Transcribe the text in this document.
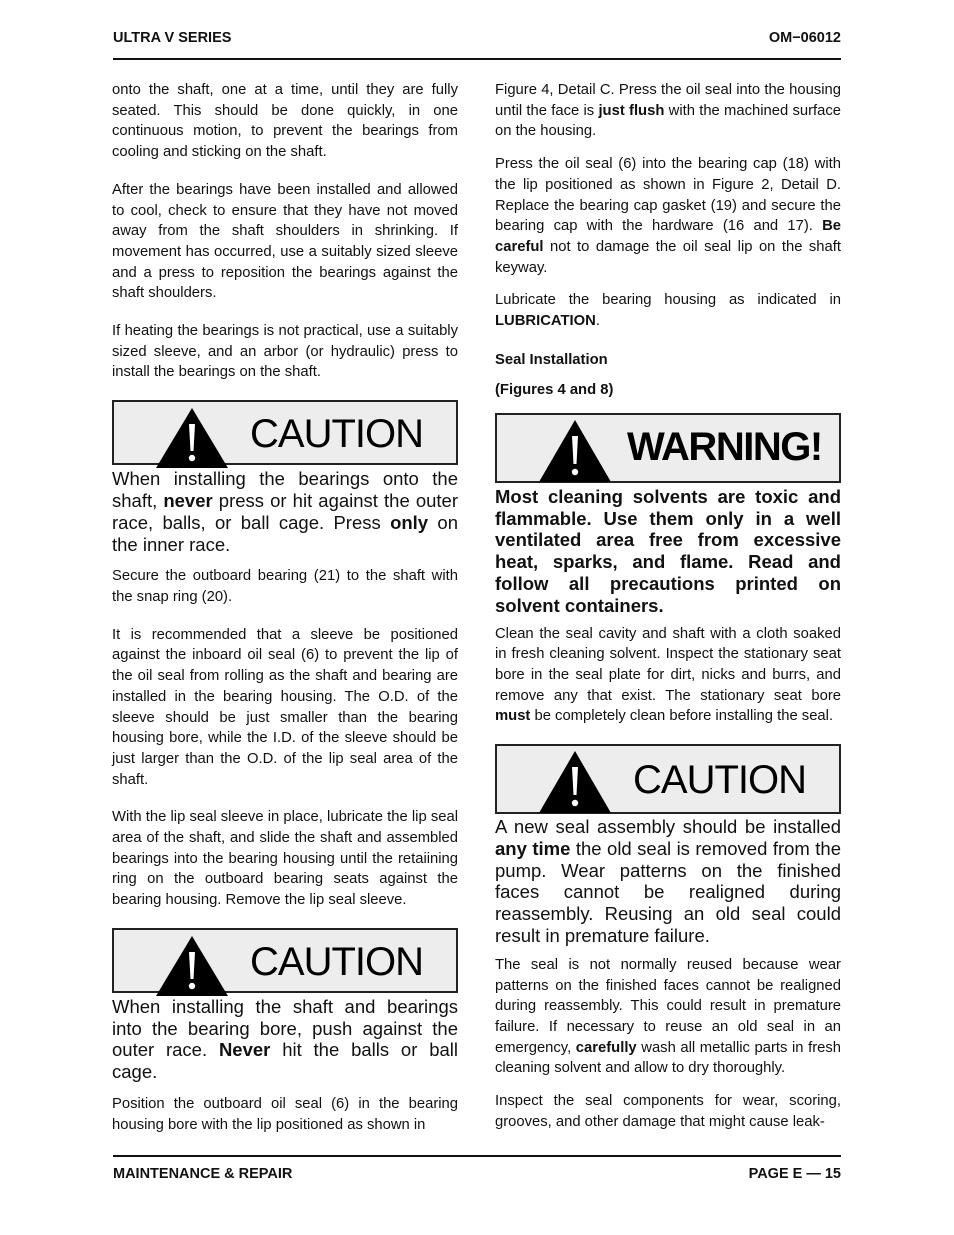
ULTRA V SERIES	OM−06012

onto the shaft, one at a time, until they are fully seated. This should be done quickly, in one continuous motion, to prevent the bearings from cooling and sticking on the shaft.

After the bearings have been installed and allowed to cool, check to ensure that they have not moved away from the shaft shoulders in shrinking. If movement has occurred, use a suitably sized sleeve and a press to reposition the bearings against the shaft shoulders.

If heating the bearings is not practical, use a suitably sized sleeve, and an arbor (or hydraulic) press to install the bearings on the shaft.

CAUTION

When installing the bearings onto the shaft, never press or hit against the outer race, balls, or ball cage. Press only on the inner race.

Secure the outboard bearing (21) to the shaft with the snap ring (20).

It is recommended that a sleeve be positioned against the inboard oil seal (6) to prevent the lip of the oil seal from rolling as the shaft and bearing are installed in the bearing housing. The O.D. of the sleeve should be just smaller than the bearing housing bore, while the I.D. of the sleeve should be just larger than the O.D. of the lip seal area of the shaft.

With the lip seal sleeve in place, lubricate the lip seal area of the shaft, and slide the shaft and assembled bearings into the bearing housing until the retaiining ring on the outboard bearing seats against the bearing housing. Remove the lip seal sleeve.

CAUTION

When installing the shaft and bearings into the bearing bore, push against the outer race. Never hit the balls or ball cage.

Position the outboard oil seal (6) in the bearing housing bore with the lip positioned as shown in

Figure 4, Detail C. Press the oil seal into the housing until the face is just flush with the machined surface on the housing.

Press the oil seal (6) into the bearing cap (18) with the lip positioned as shown in Figure 2, Detail D. Replace the bearing cap gasket (19) and secure the bearing cap with the hardware (16 and 17). Be careful not to damage the oil seal lip on the shaft keyway.

Lubricate the bearing housing as indicated in LUBRICATION.

Seal Installation

(Figures 4 and 8)

WARNING!

Most cleaning solvents are toxic and flammable. Use them only in a well ventilated area free from excessive heat, sparks, and flame. Read and follow all precautions printed on solvent containers.

Clean the seal cavity and shaft with a cloth soaked in fresh cleaning solvent. Inspect the stationary seat bore in the seal plate for dirt, nicks and burrs, and remove any that exist. The stationary seat bore must be completely clean before installing the seal.

CAUTION

A new seal assembly should be installed any time the old seal is removed from the pump. Wear patterns on the finished faces cannot be realigned during reassembly. Reusing an old seal could result in premature failure.

The seal is not normally reused because wear patterns on the finished faces cannot be realigned during reassembly. This could result in premature failure. If necessary to reuse an old seal in an emergency, carefully wash all metallic parts in fresh cleaning solvent and allow to dry thoroughly.

Inspect the seal components for wear, scoring, grooves, and other damage that might cause leak-

MAINTENANCE & REPAIR	PAGE E — 15
